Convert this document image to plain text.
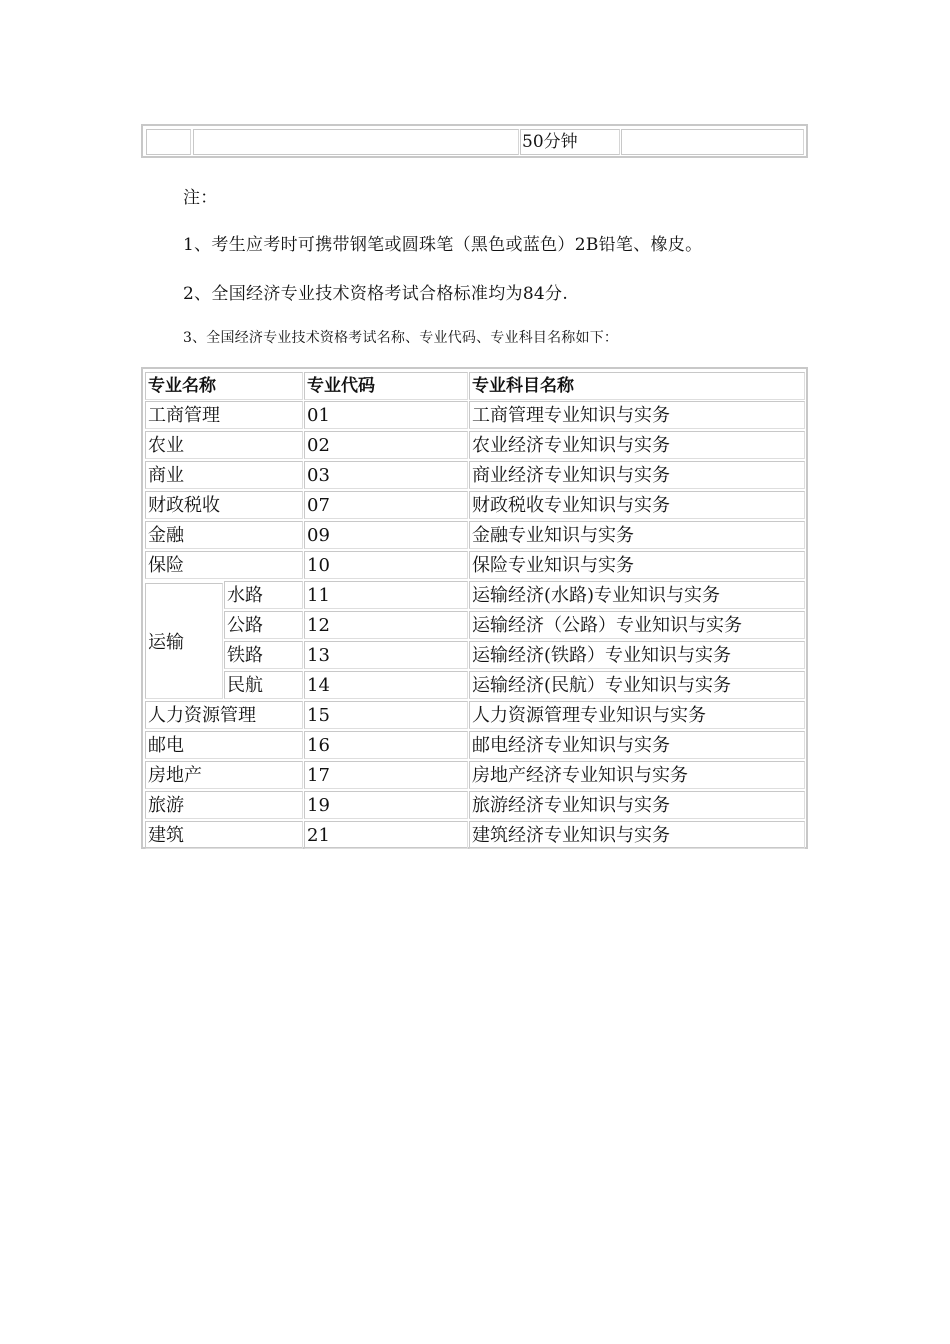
50分钟
注：
1、考生应考时可携带钢笔或圆珠笔（黑色或蓝色）2B铅笔、橡皮。
2、全国经济专业技术资格考试合格标准均为84分.
3、全国经济专业技术资格考试名称、专业代码、专业科目名称如下：
专业名称	专业代码	专业科目名称
工商管理	01	工商管理专业知识与实务
农业	02	农业经济专业知识与实务
商业	03	商业经济专业知识与实务
财政税收	07	财政税收专业知识与实务
金融	09	金融专业知识与实务
保险	10	保险专业知识与实务
运输
水路	11	运输经济(水路)专业知识与实务
公路	12	运输经济（公路）专业知识与实务
铁路	13	运输经济(铁路）专业知识与实务
民航	14	运输经济(民航）专业知识与实务
人力资源管理	15	人力资源管理专业知识与实务
邮电	16	邮电经济专业知识与实务
房地产	17	房地产经济专业知识与实务
旅游	19	旅游经济专业知识与实务
建筑	21	建筑经济专业知识与实务
